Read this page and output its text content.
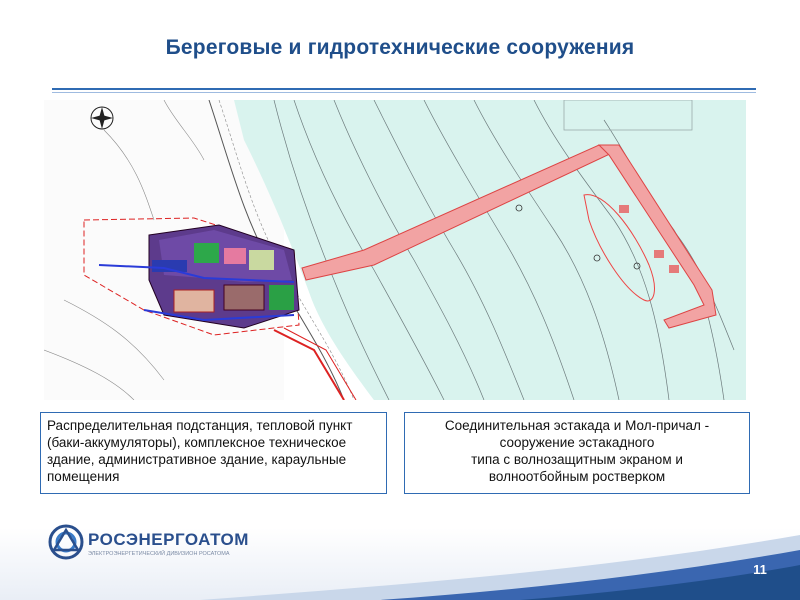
Береговые и гидротехнические сооружения
Распределительная подстанция, тепловой пункт (баки-аккумуляторы), комплексное техническое здание, административное здание, караульные помещения
Соединительная эстакада и Мол-причал -
сооружение эстакадного
типа с волнозащитным экраном и
волноотбойным ростверком
РОСЭНЕРГОАТОМ
ЭЛЕКТРОЭНЕРГЕТИЧЕСКИЙ ДИВИЗИОН РОСАТОМА
11
